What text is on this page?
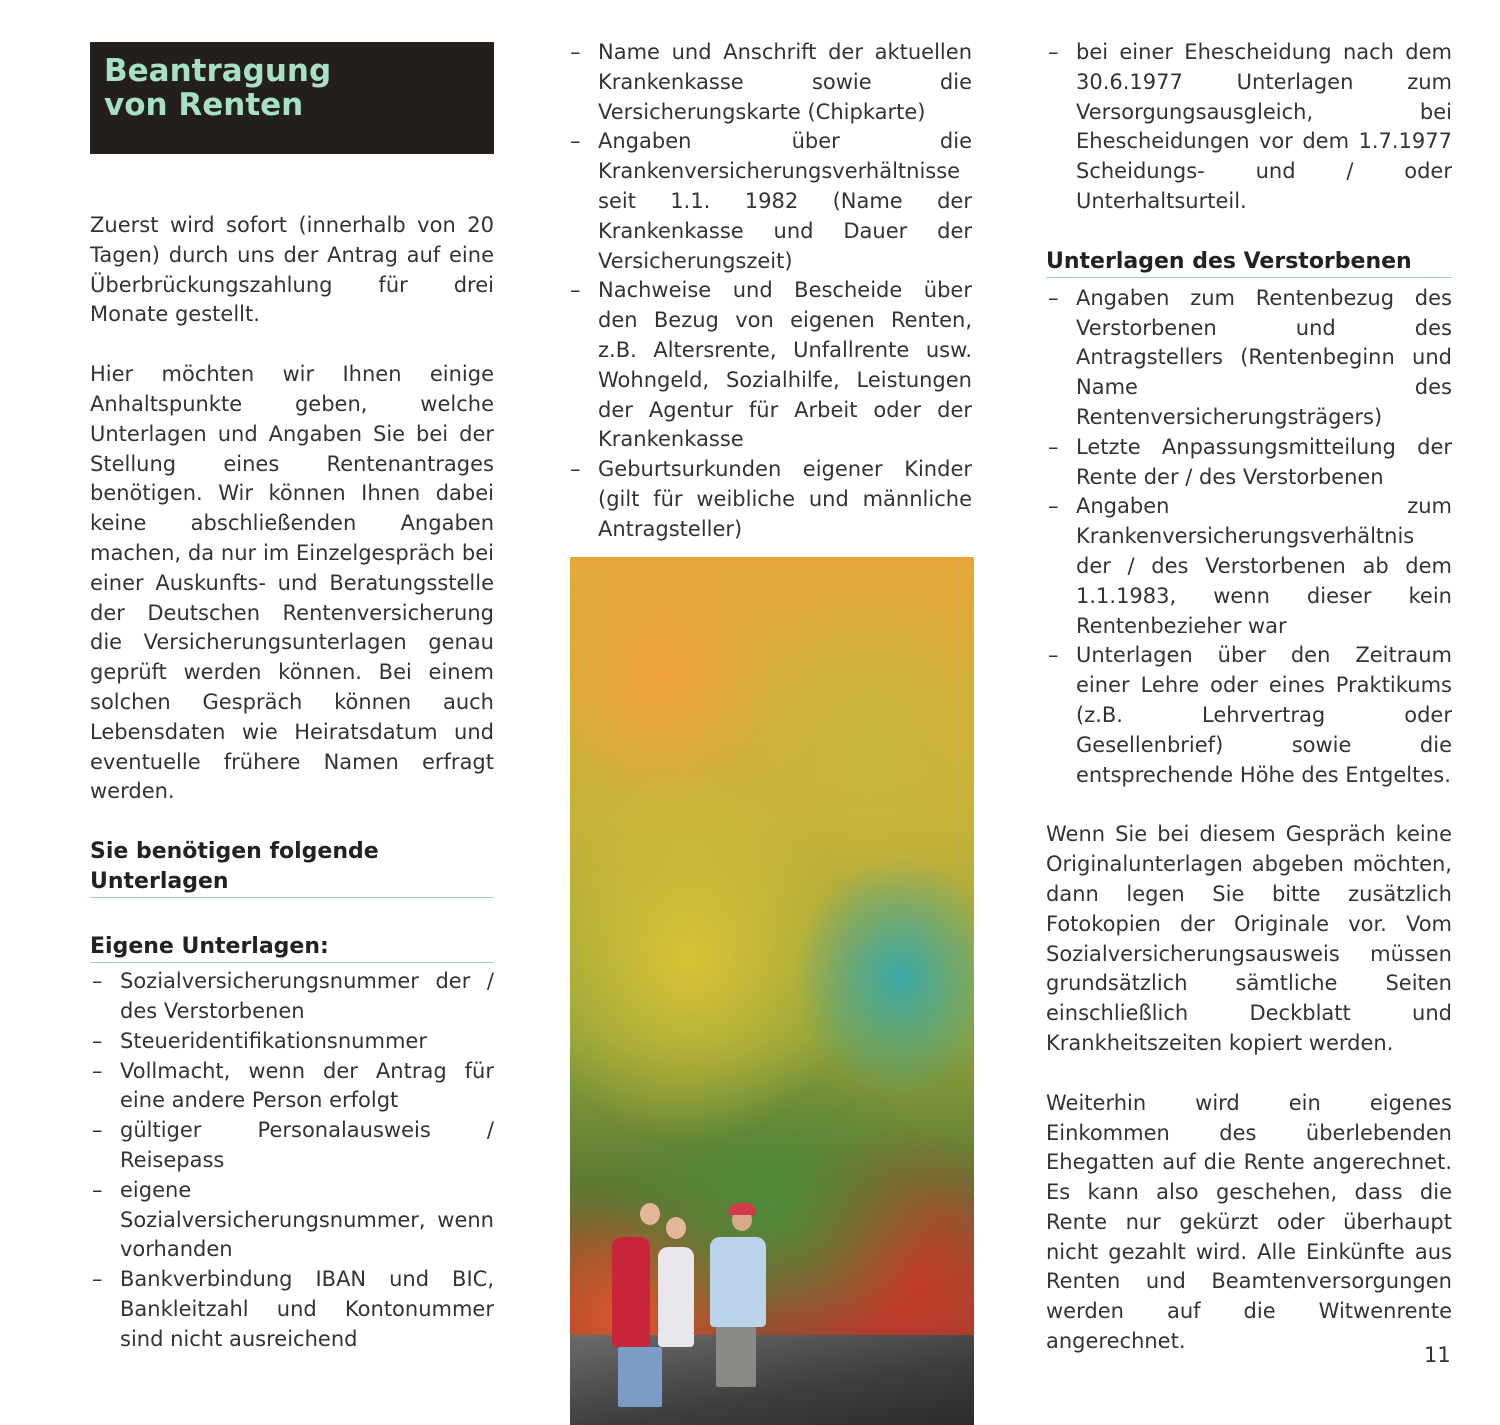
Beantragung
von Renten

Zuerst wird sofort (innerhalb von 20 Tagen) durch uns der Antrag auf eine Überbrückungszahlung für drei Monate gestellt.

Hier möchten wir Ihnen einige Anhaltspunkte geben, welche Unterlagen und Angaben Sie bei der Stellung eines Rentenantrages benötigen. Wir können Ihnen dabei keine abschließenden Angaben machen, da nur im Einzelgespräch bei einer Auskunfts- und Beratungsstelle der Deutschen Rentenversicherung die Versicherungsunterlagen genau geprüft werden können. Bei einem solchen Gespräch können auch Lebensdaten wie Heiratsdatum und eventuelle frühere Namen erfragt werden.

Sie benötigen folgende Unterlagen
Eigene Unterlagen:
– Sozialversicherungsnummer der / des Verstorbenen
– Steueridentifikationsnummer
– Vollmacht, wenn der Antrag für eine andere Person erfolgt
– gültiger Personalausweis / Reisepass
– eigene Sozialversicherungsnummer, wenn vorhanden
– Bankverbindung IBAN und BIC, Bankleitzahl und Kontonummer sind nicht ausreichend
– Name und Anschrift der aktuellen Krankenkasse sowie die Versicherungskarte (Chipkarte)
– Angaben über die Krankenversicherungsverhältnisse seit 1.1. 1982 (Name der Krankenkasse und Dauer der Versicherungszeit)
– Nachweise und Bescheide über den Bezug von eigenen Renten, z.B. Altersrente, Unfallrente usw. Wohngeld, Sozialhilfe, Leistungen der Agentur für Arbeit oder der Krankenkasse
– Geburtsurkunden eigener Kinder (gilt für weibliche und männliche Antragsteller)
– bei einer Ehescheidung nach dem 30.6.1977 Unterlagen zum Versorgungsausgleich, bei Ehescheidungen vor dem 1.7.1977 Scheidungs- und / oder Unterhaltsurteil.
Unterlagen des Verstorbenen
– Angaben zum Rentenbezug des Verstorbenen und des Antragstellers (Rentenbeginn und Name des Rentenversicherungsträgers)
– Letzte Anpassungsmitteilung der Rente der / des Verstorbenen
– Angaben zum Krankenversicherungsverhältnis der / des Verstorbenen ab dem 1.1.1983, wenn dieser kein Rentenbezieher war
– Unterlagen über den Zeitraum einer Lehre oder eines Praktikums (z.B. Lehrvertrag oder Gesellenbrief) sowie die entsprechende Höhe des Entgeltes.

Wenn Sie bei diesem Gespräch keine Originalunterlagen abgeben möchten, dann legen Sie bitte zusätzlich Fotokopien der Originale vor. Vom Sozialversicherungsausweis müssen grundsätzlich sämtliche Seiten einschließlich Deckblatt und Krankheitszeiten kopiert werden.

Weiterhin wird ein eigenes Einkommen des überlebenden Ehegatten auf die Rente angerechnet. Es kann also geschehen, dass die Rente nur gekürzt oder überhaupt nicht gezahlt wird. Alle Einkünfte aus Renten und Beamtenversorgungen werden auf die Witwenrente angerechnet.

11
